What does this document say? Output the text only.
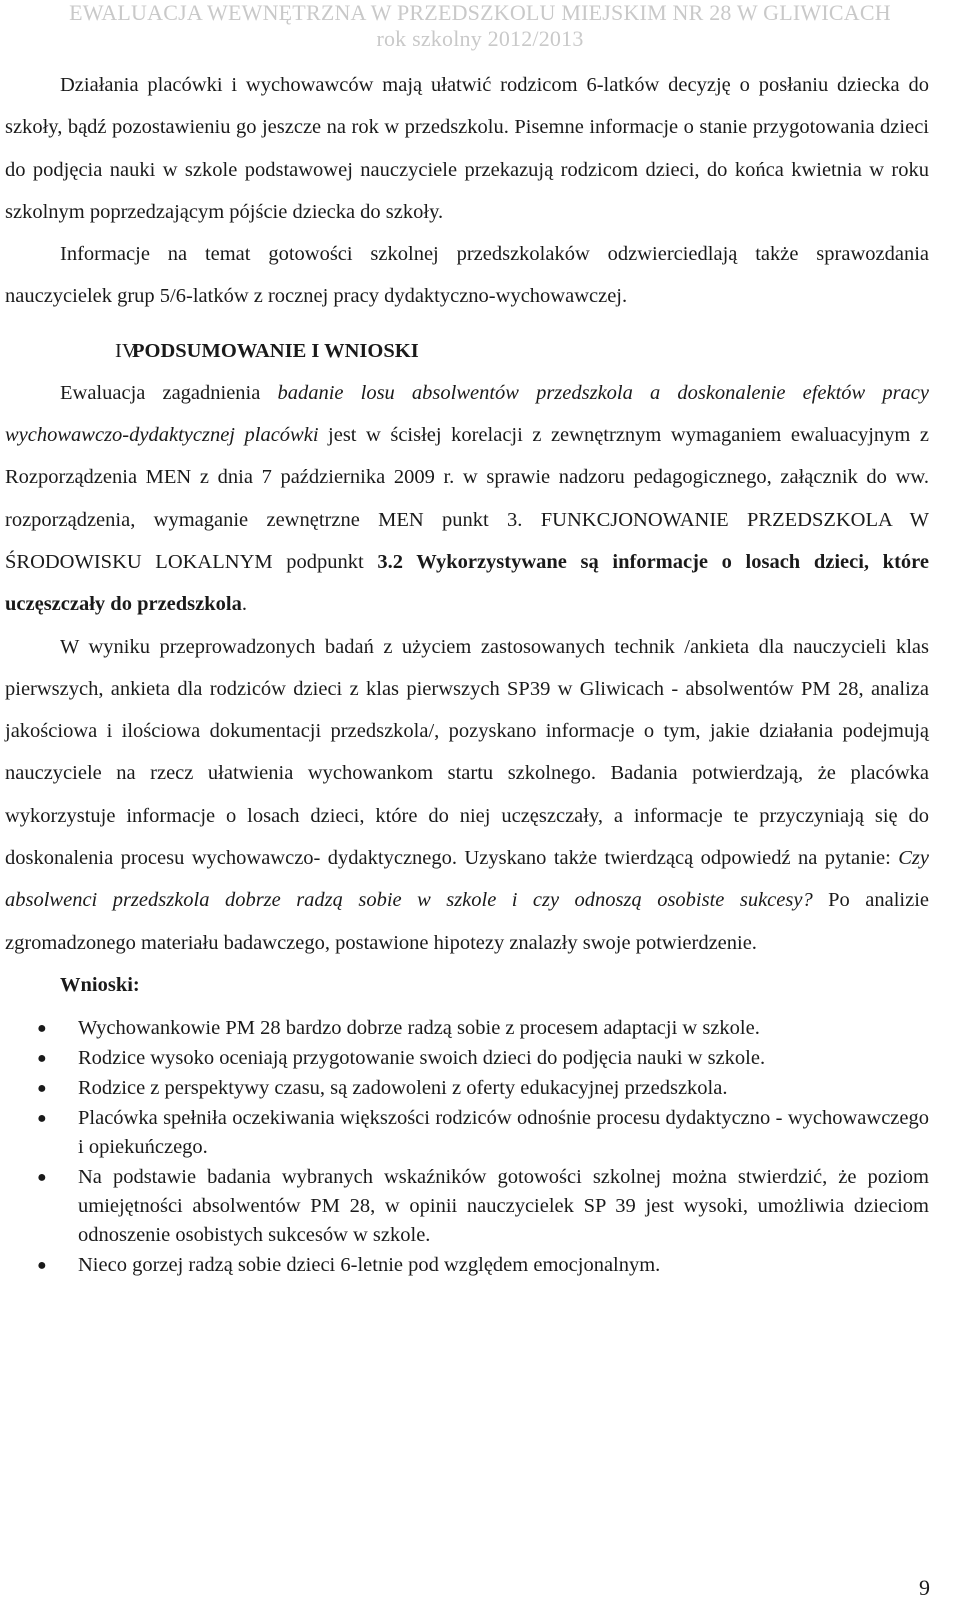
EWALUACJA WEWNĘTRZNA W PRZEDSZKOLU MIEJSKIM NR 28 W GLIWICACH
rok szkolny 2012/2013

Działania placówki i wychowawców mają ułatwić rodzicom 6-latków decyzję o posłaniu dziecka do szkoły, bądź pozostawieniu go jeszcze na rok w przedszkolu. Pisemne informacje o stanie przygotowania dzieci do podjęcia nauki w szkole podstawowej nauczyciele przekazują rodzicom dzieci, do końca kwietnia w roku szkolnym poprzedzającym pójście dziecka do szkoły.

Informacje na temat gotowości szkolnej przedszkolaków odzwierciedlają także sprawozdania nauczycielek grup 5/6-latków z rocznej pracy dydaktyczno-wychowawczej.

IV.PODSUMOWANIE I WNIOSKI

Ewaluacja zagadnienia badanie losu absolwentów przedszkola a doskonalenie efektów pracy wychowawczo-dydaktycznej placówki jest w ścisłej korelacji z zewnętrznym wymaganiem ewaluacyjnym z Rozporządzenia MEN z dnia 7 października 2009 r. w sprawie nadzoru pedagogicznego, załącznik do ww. rozporządzenia, wymaganie zewnętrzne MEN punkt 3. FUNKCJONOWANIE PRZEDSZKOLA W ŚRODOWISKU LOKALNYM podpunkt 3.2 Wykorzystywane są informacje o losach dzieci, które uczęszczały do przedszkola.

W wyniku przeprowadzonych badań z użyciem zastosowanych technik /ankieta dla nauczycieli klas pierwszych, ankieta dla rodziców dzieci z klas pierwszych SP39 w Gliwicach - absolwentów PM 28, analiza jakościowa i ilościowa dokumentacji przedszkola/, pozyskano informacje o tym, jakie działania podejmują nauczyciele na rzecz ułatwienia wychowankom startu szkolnego. Badania potwierdzają, że placówka wykorzystuje informacje o losach dzieci, które do niej uczęszczały, a informacje te przyczyniają się do doskonalenia procesu wychowawczo- dydaktycznego. Uzyskano także twierdzącą odpowiedź na pytanie: Czy absolwenci przedszkola dobrze radzą sobie w szkole i czy odnoszą osobiste sukcesy? Po analizie zgromadzonego materiału badawczego, postawione hipotezy znalazły swoje potwierdzenie.

Wnioski:
● Wychowankowie PM 28 bardzo dobrze radzą sobie z procesem adaptacji w szkole.
● Rodzice wysoko oceniają przygotowanie swoich dzieci do podjęcia nauki w szkole.
● Rodzice z perspektywy czasu, są zadowoleni z oferty edukacyjnej przedszkola.
● Placówka spełniła oczekiwania większości rodziców odnośnie procesu dydaktyczno - wychowawczego i opiekuńczego.
● Na podstawie badania wybranych wskaźników gotowości szkolnej można stwierdzić, że poziom umiejętności absolwentów PM 28, w opinii nauczycielek SP 39 jest wysoki, umożliwia dzieciom odnoszenie osobistych sukcesów w szkole.
● Nieco gorzej radzą sobie dzieci 6-letnie pod względem emocjonalnym.
9
